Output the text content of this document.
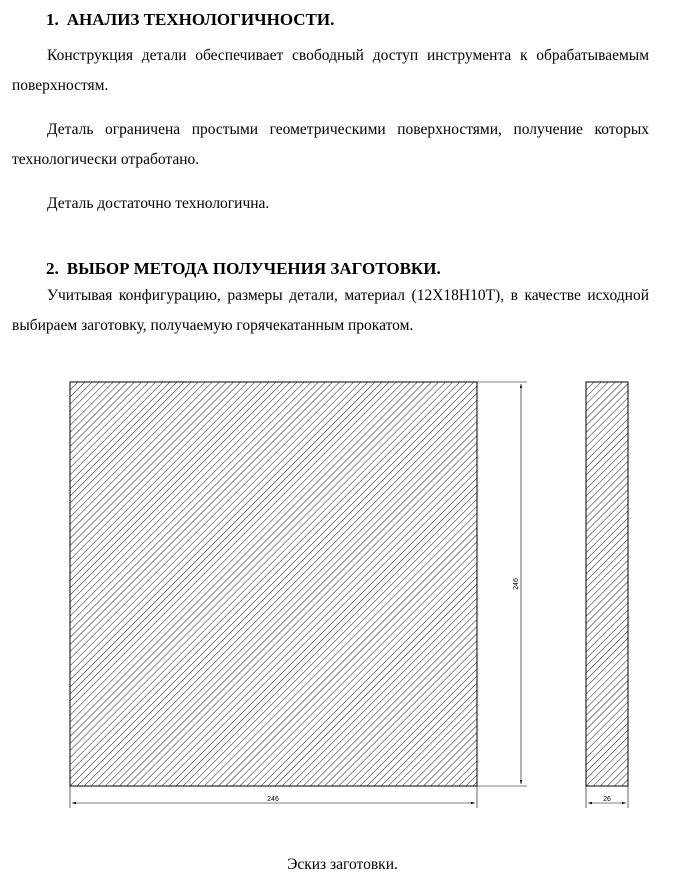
1. АНАЛИЗ ТЕХНОЛОГИЧНОСТИ.
Конструкция детали обеспечивает свободный доступ инструмента к обрабатываемым поверхностям.
Деталь ограничена простыми геометрическими поверхностями, получение которых технологически отработано.
Деталь достаточно технологична.
2. ВЫБОР МЕТОДА ПОЛУЧЕНИЯ ЗАГОТОВКИ.
Учитывая конфигурацию, размеры детали, материал (12Х18Н10Т), в качестве исходной выбираем заготовку, получаемую горячекатанным прокатом.
246
246	26
Эскиз заготовки.
